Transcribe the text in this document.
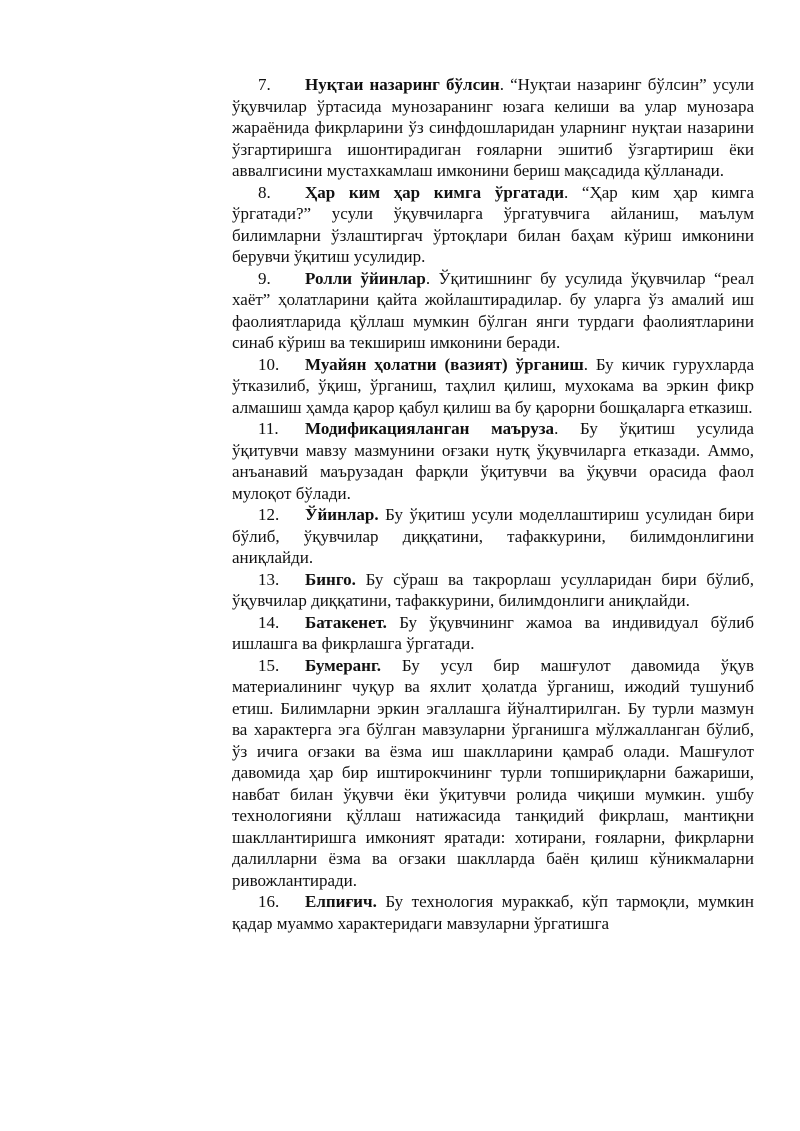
7. Нуқтаи назаринг бўлсин. “Нуқтаи назаринг бўлсин” усули ўқувчилар ўртасида мунозаранинг юзага келиши ва улар мунозара жараёнида фикрларини ўз синфдошларидан уларнинг нуқтаи назарини ўзгартиришга ишонтирадиган ғояларни эшитиб ўзгартириш ёки аввалгисини мустахкамлаш имконини бериш мақсадида қўлланади.

8. Ҳар ким ҳар кимга ўргатади. “Ҳар ким ҳар кимга ўргатади?” усули ўқувчиларга ўргатувчига айланиш, маълум билимларни ўзлаштиргач ўртоқлари билан баҳам кўриш имконини берувчи ўқитиш усулидир.

9. Ролли ўйинлар. Ўқитишнинг бу усулида ўқувчилар “реал хаёт” ҳолатларини қайта жойлаштирадилар. бу уларга ўз амалий иш фаолиятларида қўллаш мумкин бўлган янги турдаги фаолиятларини синаб кўриш ва текшириш имконини беради.

10. Муайян ҳолатни (вазият) ўрганиш. Бу кичик гурухларда ўтказилиб, ўқиш, ўрганиш, таҳлил қилиш, мухокама ва эркин фикр алмашиш ҳамда қарор қабул қилиш ва бу қарорни бошқаларга етказиш.

11. Модификацияланган маъруза. Бу ўқитиш усулида ўқитувчи мавзу мазмунини оғзаки нутқ ўқувчиларга етказади. Аммо, анъанавий маърузадан фарқли ўқитувчи ва ўқувчи орасида фаол мулоқот бўлади.

12. Ўйинлар. Бу ўқитиш усули моделлаштириш усулидан бири бўлиб, ўқувчилар диққатини, тафаккурини, билимдонлигини аниқлайди.

13. Бинго. Бу сўраш ва такрорлаш усулларидан бири бўлиб, ўқувчилар диққатини, тафаккурини, билимдонлиги аниқлайди.

14. Батакенет. Бу ўқувчининг жамоа ва индивидуал бўлиб ишлашга ва фикрлашга ўргатади.

15. Бумеранг. Бу усул бир машғулот давомида ўқув материалининг чуқур ва яхлит ҳолатда ўрганиш, ижодий тушуниб етиш. Билимларни эркин эгаллашга йўналтирилган. Бу турли мазмун ва характерга эга бўлган мавзуларни ўрганишга мўлжалланган бўлиб, ўз ичига оғзаки ва ёзма иш шаклларини қамраб олади. Машғулот давомида ҳар бир иштирокчининг турли топшириқларни бажариши, навбат билан ўқувчи ёки ўқитувчи ролида чиқиши мумкин. ушбу технологияни қўллаш натижасида танқидий фикрлаш, мантиқни шакллантиришга имконият яратади: хотирани, ғояларни, фикрларни далилларни ёзма ва оғзаки шаклларда баён қилиш кўникмаларни ривожлантиради.

16. Елпиғич. Бу технология мураккаб, кўп тармоқли, мумкин қадар муаммо характеридаги мавзуларни ўргатишга
